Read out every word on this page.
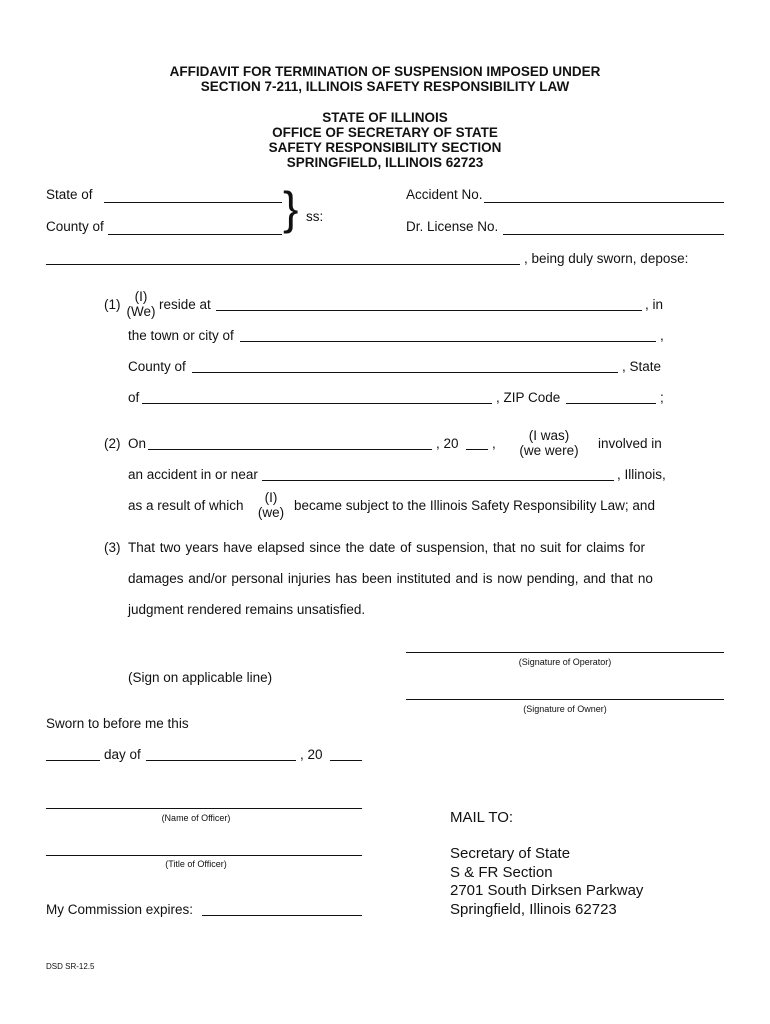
AFFIDAVIT FOR TERMINATION OF SUSPENSION IMPOSED UNDER
SECTION 7-211, ILLINOIS SAFETY RESPONSIBILITY LAW
STATE OF ILLINOIS
OFFICE OF SECRETARY OF STATE
SAFETY RESPONSIBILITY SECTION
SPRINGFIELD, ILLINOIS 62723
State of
County of	} ss:
Accident No.
Dr. License No.
, being duly sworn, depose:
(1)
(I)
(We) reside at	, in
the town or city of	,
County of	, State
of	, ZIP Code	;
(2) On	, 20 ,
(I was)
(we were)	involved in
an accident in or near	, Illinois,
as a result of which
(I)
(we) became subject to the Illinois Safety Responsibility Law; and
(3) That two years have elapsed since the date of suspension, that no suit for claims for
damages and/or personal injuries has been instituted and is now pending, and that no
judgment rendered remains unsatisfied.
(Signature of Operator)
(Sign on applicable line)
(Signature of Owner)
Sworn to before me this
day of	, 20
(Name of Officer)
(Title of Officer)
My Commission expires:
MAIL TO:
Secretary of State
S & FR Section
2701 South Dirksen Parkway
Springfield, Illinois 62723
DSD SR-12.5
